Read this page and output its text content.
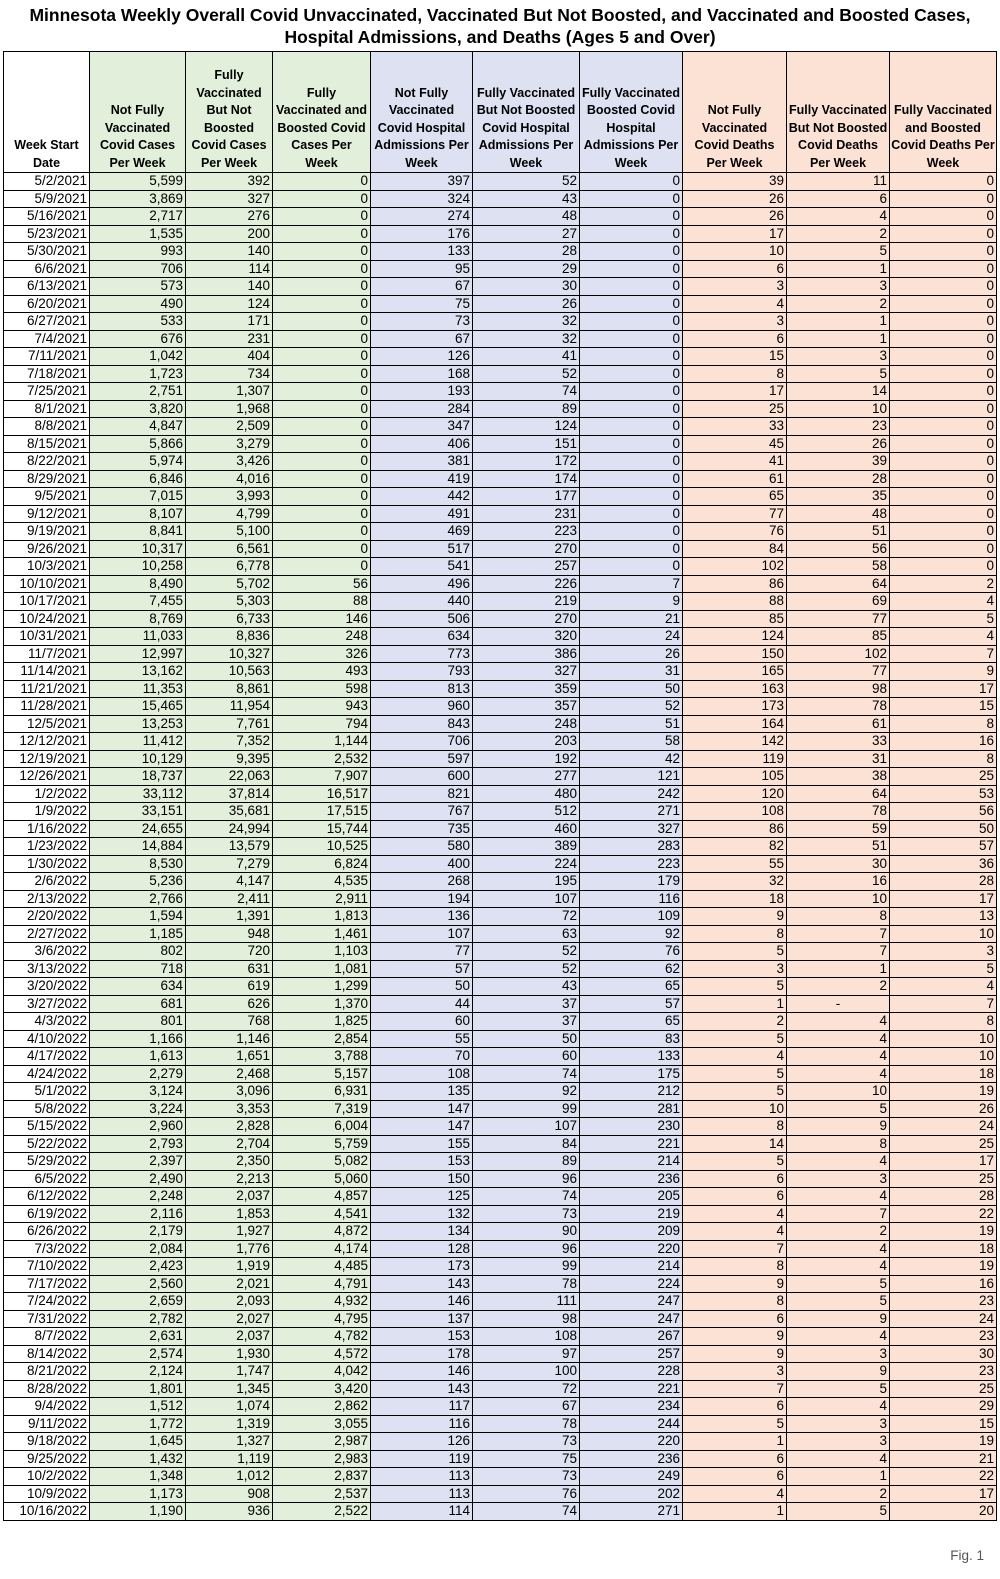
Minnesota Weekly Overall Covid Unvaccinated, Vaccinated But Not Boosted, and Vaccinated and Boosted Cases, Hospital Admissions, and Deaths (Ages 5 and Over)
Week Start Date	Not Fully Vaccinated Covid Cases Per Week	Fully Vaccinated But Not Boosted Covid Cases Per Week	Fully Vaccinated and Boosted Covid Cases Per Week	Not Fully Vaccinated Covid Hospital Admissions Per Week	Fully Vaccinated But Not Boosted Covid Hospital Admissions Per Week	Fully Vaccinated Boosted Covid Hospital Admissions Per Week	Not Fully Vaccinated Covid Deaths Per Week	Fully Vaccinated But Not Boosted Covid Deaths Per Week	Fully Vaccinated and Boosted Covid Deaths Per Week
5/2/2021	5,599	392	0	397	52	0	39	11	0
5/9/2021	3,869	327	0	324	43	0	26	6	0
5/16/2021	2,717	276	0	274	48	0	26	4	0
5/23/2021	1,535	200	0	176	27	0	17	2	0
5/30/2021	993	140	0	133	28	0	10	5	0
6/6/2021	706	114	0	95	29	0	6	1	0
6/13/2021	573	140	0	67	30	0	3	3	0
6/20/2021	490	124	0	75	26	0	4	2	0
6/27/2021	533	171	0	73	32	0	3	1	0
7/4/2021	676	231	0	67	32	0	6	1	0
7/11/2021	1,042	404	0	126	41	0	15	3	0
7/18/2021	1,723	734	0	168	52	0	8	5	0
7/25/2021	2,751	1,307	0	193	74	0	17	14	0
8/1/2021	3,820	1,968	0	284	89	0	25	10	0
8/8/2021	4,847	2,509	0	347	124	0	33	23	0
8/15/2021	5,866	3,279	0	406	151	0	45	26	0
8/22/2021	5,974	3,426	0	381	172	0	41	39	0
8/29/2021	6,846	4,016	0	419	174	0	61	28	0
9/5/2021	7,015	3,993	0	442	177	0	65	35	0
9/12/2021	8,107	4,799	0	491	231	0	77	48	0
9/19/2021	8,841	5,100	0	469	223	0	76	51	0
9/26/2021	10,317	6,561	0	517	270	0	84	56	0
10/3/2021	10,258	6,778	0	541	257	0	102	58	0
10/10/2021	8,490	5,702	56	496	226	7	86	64	2
10/17/2021	7,455	5,303	88	440	219	9	88	69	4
10/24/2021	8,769	6,733	146	506	270	21	85	77	5
10/31/2021	11,033	8,836	248	634	320	24	124	85	4
11/7/2021	12,997	10,327	326	773	386	26	150	102	7
11/14/2021	13,162	10,563	493	793	327	31	165	77	9
11/21/2021	11,353	8,861	598	813	359	50	163	98	17
11/28/2021	15,465	11,954	943	960	357	52	173	78	15
12/5/2021	13,253	7,761	794	843	248	51	164	61	8
12/12/2021	11,412	7,352	1,144	706	203	58	142	33	16
12/19/2021	10,129	9,395	2,532	597	192	42	119	31	8
12/26/2021	18,737	22,063	7,907	600	277	121	105	38	25
1/2/2022	33,112	37,814	16,517	821	480	242	120	64	53
1/9/2022	33,151	35,681	17,515	767	512	271	108	78	56
1/16/2022	24,655	24,994	15,744	735	460	327	86	59	50
1/23/2022	14,884	13,579	10,525	580	389	283	82	51	57
1/30/2022	8,530	7,279	6,824	400	224	223	55	30	36
2/6/2022	5,236	4,147	4,535	268	195	179	32	16	28
2/13/2022	2,766	2,411	2,911	194	107	116	18	10	17
2/20/2022	1,594	1,391	1,813	136	72	109	9	8	13
2/27/2022	1,185	948	1,461	107	63	92	8	7	10
3/6/2022	802	720	1,103	77	52	76	5	7	3
3/13/2022	718	631	1,081	57	52	62	3	1	5
3/20/2022	634	619	1,299	50	43	65	5	2	4
3/27/2022	681	626	1,370	44	37	57	1	-	7
4/3/2022	801	768	1,825	60	37	65	2	4	8
4/10/2022	1,166	1,146	2,854	55	50	83	5	4	10
4/17/2022	1,613	1,651	3,788	70	60	133	4	4	10
4/24/2022	2,279	2,468	5,157	108	74	175	5	4	18
5/1/2022	3,124	3,096	6,931	135	92	212	5	10	19
5/8/2022	3,224	3,353	7,319	147	99	281	10	5	26
5/15/2022	2,960	2,828	6,004	147	107	230	8	9	24
5/22/2022	2,793	2,704	5,759	155	84	221	14	8	25
5/29/2022	2,397	2,350	5,082	153	89	214	5	4	17
6/5/2022	2,490	2,213	5,060	150	96	236	6	3	25
6/12/2022	2,248	2,037	4,857	125	74	205	6	4	28
6/19/2022	2,116	1,853	4,541	132	73	219	4	7	22
6/26/2022	2,179	1,927	4,872	134	90	209	4	2	19
7/3/2022	2,084	1,776	4,174	128	96	220	7	4	18
7/10/2022	2,423	1,919	4,485	173	99	214	8	4	19
7/17/2022	2,560	2,021	4,791	143	78	224	9	5	16
7/24/2022	2,659	2,093	4,932	146	111	247	8	5	23
7/31/2022	2,782	2,027	4,795	137	98	247	6	9	24
8/7/2022	2,631	2,037	4,782	153	108	267	9	4	23
8/14/2022	2,574	1,930	4,572	178	97	257	9	3	30
8/21/2022	2,124	1,747	4,042	146	100	228	3	9	23
8/28/2022	1,801	1,345	3,420	143	72	221	7	5	25
9/4/2022	1,512	1,074	2,862	117	67	234	6	4	29
9/11/2022	1,772	1,319	3,055	116	78	244	5	3	15
9/18/2022	1,645	1,327	2,987	126	73	220	1	3	19
9/25/2022	1,432	1,119	2,983	119	75	236	6	4	21
10/2/2022	1,348	1,012	2,837	113	73	249	6	1	22
10/9/2022	1,173	908	2,537	113	76	202	4	2	17
10/16/2022	1,190	936	2,522	114	74	271	1	5	20
Fig. 1
